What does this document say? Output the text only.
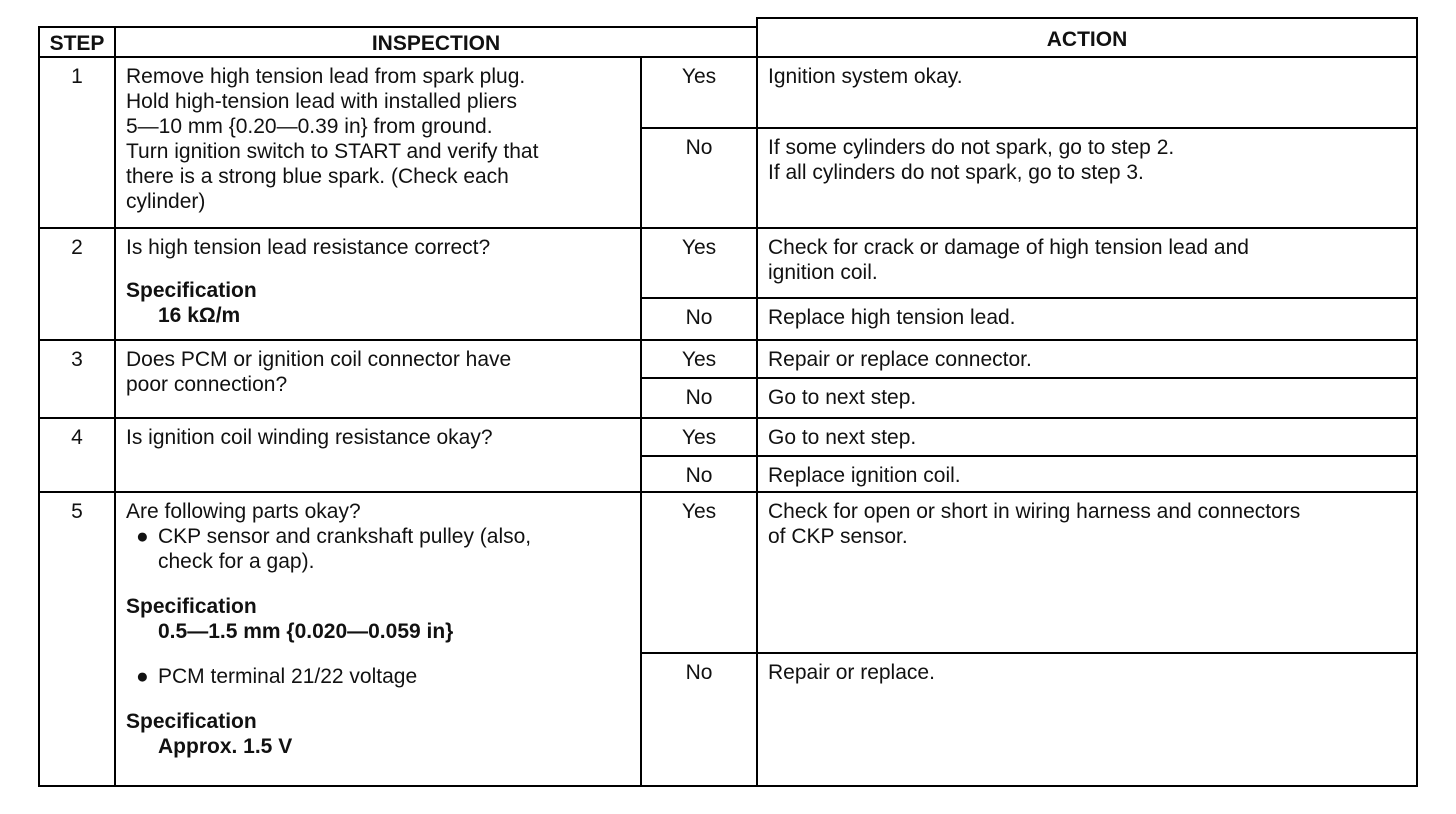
STEP	INSPECTION	ACTION
1	Remove high tension lead from spark plug.
Hold high-tension lead with installed pliers
5—10 mm {0.20—0.39 in} from ground.
Turn ignition switch to START and verify that
there is a strong blue spark. (Check each
cylinder)
Yes	Ignition system okay.
No	If some cylinders do not spark, go to step 2.
If all cylinders do not spark, go to step 3.
2	Is high tension lead resistance correct?
Specification
16 kΩ/m
Yes	Check for crack or damage of high tension lead and
ignition coil.
No	Replace high tension lead.
3	Does PCM or ignition coil connector have
poor connection?
Yes	Repair or replace connector.
No	Go to next step.
4	Is ignition coil winding resistance okay?	Yes	Go to next step.
No	Replace ignition coil.
5	Are following parts okay?
● CKP sensor and crankshaft pulley (also,
check for a gap).
Specification
0.5—1.5 mm {0.020—0.059 in}
● PCM terminal 21/22 voltage
Specification
Approx. 1.5 V
Yes	Check for open or short in wiring harness and connectors
of CKP sensor.
No	Repair or replace.
